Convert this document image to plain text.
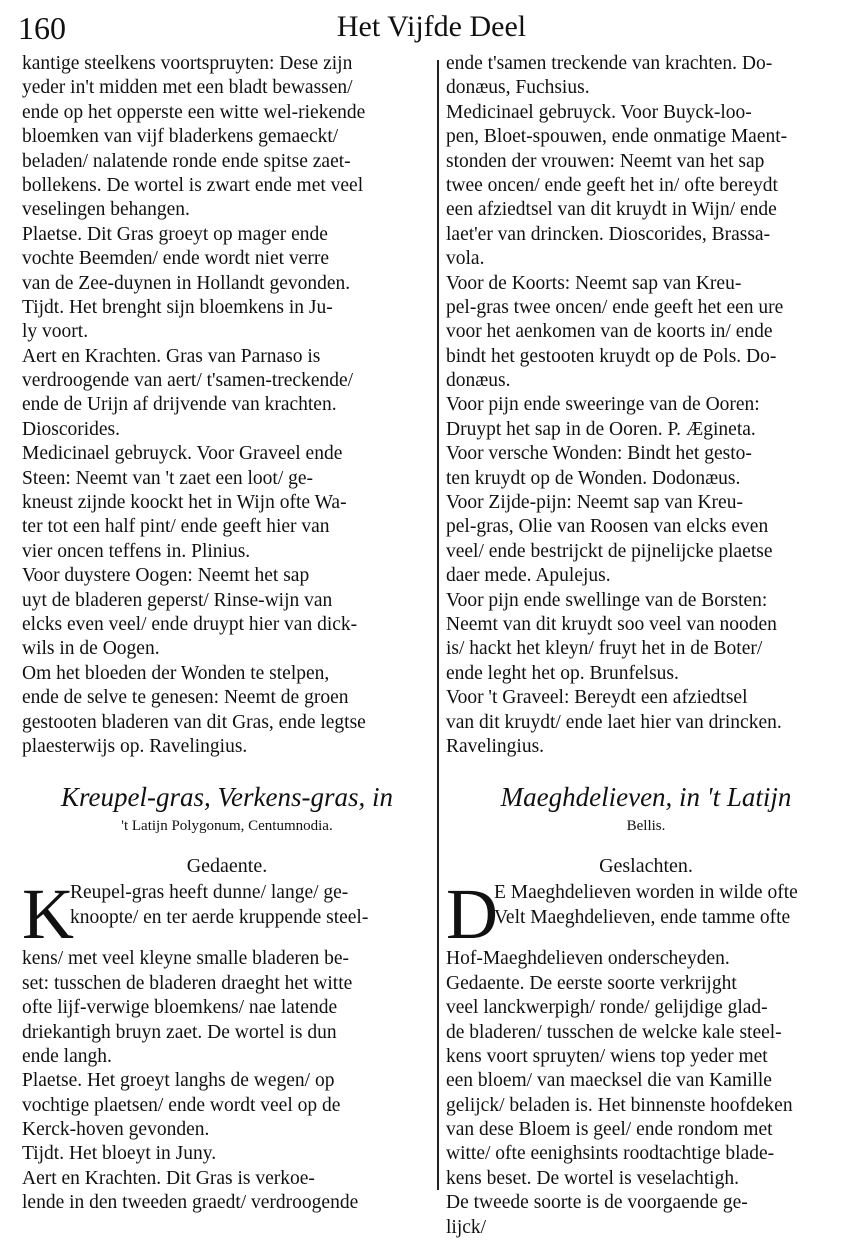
160	Het Vijfde Deel
kantige steelkens voortspruyten: Dese zijn
yeder in't midden met een bladt bewassen/
ende op het opperste een witte wel-riekende
bloemken van vijf bladerkens gemaeckt/
beladen/ nalatende ronde ende spitse zaet-
bollekens. De wortel is zwart ende met veel
veselingen behangen.
Plaetse. Dit Gras groeyt op mager ende
vochte Beemden/ ende wordt niet verre
van de Zee-duynen in Hollandt gevonden.
Tijdt. Het brenght sijn bloemkens in Ju-
ly voort.
Aert en Krachten. Gras van Parnaso is
verdroogende van aert/ t'samen-treckende/
ende de Urijn af drijvende van krachten.
Dioscorides.
Medicinael gebruyck. Voor Graveel ende
Steen: Neemt van 't zaet een loot/ ge-
kneust zijnde koockt het in Wijn ofte Wa-
ter tot een half pint/ ende geeft hier van
vier oncen teffens in. Plinius.
Voor duystere Oogen: Neemt het sap
uyt de bladeren geperst/ Rinse-wijn van
elcks even veel/ ende druypt hier van dick-
wils in de Oogen.
Om het bloeden der Wonden te stelpen,
ende de selve te genesen: Neemt de groen
gestooten bladeren van dit Gras, ende legtse
plaesterwijs op. Ravelingius.
Kreupel-gras, Verkens-gras, in
't Latijn Polygonum, Centumnodia.
Gedaente.
K
Reupel-gras heeft dunne/ lange/ ge-
knoopte/ en ter aerde kruppende steel-
kens/ met veel kleyne smalle bladeren be-
set: tusschen de bladeren draeght het witte
ofte lijf-verwige bloemkens/ nae latende
driekantigh bruyn zaet. De wortel is dun
ende langh.
Plaetse. Het groeyt langhs de wegen/ op
vochtige plaetsen/ ende wordt veel op de
Kerck-hoven gevonden.
Tijdt. Het bloeyt in Juny.
Aert en Krachten. Dit Gras is verkoe-
lende in den tweeden graedt/ verdroogende
ende t'samen treckende van krachten. Do-
donæus, Fuchsius.
Medicinael gebruyck. Voor Buyck-loo-
pen, Bloet-spouwen, ende onmatige Maent-
stonden der vrouwen: Neemt van het sap
twee oncen/ ende geeft het in/ ofte bereydt
een afziedtsel van dit kruydt in Wijn/ ende
laet'er van drincken. Dioscorides, Brassa-
vola.
Voor de Koorts: Neemt sap van Kreu-
pel-gras twee oncen/ ende geeft het een ure
voor het aenkomen van de koorts in/ ende
bindt het gestooten kruydt op de Pols. Do-
donæus.
Voor pijn ende sweeringe van de Ooren:
Druypt het sap in de Ooren. P. Ægineta.
Voor versche Wonden: Bindt het gesto-
ten kruydt op de Wonden. Dodonæus.
Voor Zijde-pijn: Neemt sap van Kreu-
pel-gras, Olie van Roosen van elcks even
veel/ ende bestrijckt de pijnelijcke plaetse
daer mede. Apulejus.
Voor pijn ende swellinge van de Borsten:
Neemt van dit kruydt soo veel van nooden
is/ hackt het kleyn/ fruyt het in de Boter/
ende leght het op. Brunfelsus.
Voor 't Graveel: Bereydt een afziedtsel
van dit kruydt/ ende laet hier van drincken.
Ravelingius.
Maeghdelieven, in 't Latijn
Bellis.
Geslachten.
D
E Maeghdelieven worden in wilde ofte
Velt Maeghdelieven, ende tamme ofte
Hof-Maeghdelieven onderscheyden.
Gedaente. De eerste soorte verkrijght
veel lanckwerpigh/ ronde/ gelijdige glad-
de bladeren/ tusschen de welcke kale steel-
kens voort spruyten/ wiens top yeder met
een bloem/ van maecksel die van Kamille
gelijck/ beladen is. Het binnenste hoofdeken
van dese Bloem is geel/ ende rondom met
witte/ ofte eenighsints roodtachtige blade-
kens beset. De wortel is veselachtigh.
De tweede soorte is de voorgaende ge-
lijck/
